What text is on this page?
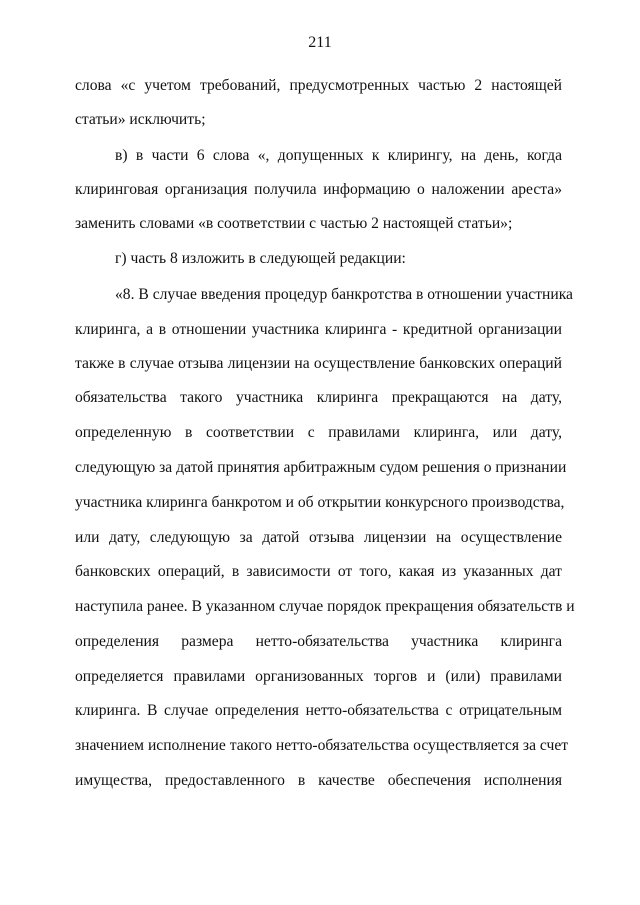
211
слова «с учетом требований, предусмотренных частью 2 настоящей
статьи» исключить;
в) в части 6 слова «, допущенных к клирингу, на день, когда
клиринговая организация получила информацию о наложении ареста»
заменить словами «в соответствии с частью 2 настоящей статьи»;
г) часть 8 изложить в следующей редакции:
«8. В случае введения процедур банкротства в отношении участника
клиринга, а в отношении участника клиринга - кредитной организации
также в случае отзыва лицензии на осуществление банковских операций
обязательства такого участника клиринга прекращаются на дату,
определенную в соответствии с правилами клиринга, или дату,
следующую за датой принятия арбитражным судом решения о признании
участника клиринга банкротом и об открытии конкурсного производства,
или дату, следующую за датой отзыва лицензии на осуществление
банковских операций, в зависимости от того, какая из указанных дат
наступила ранее. В указанном случае порядок прекращения обязательств и
определения размера нетто-обязательства участника клиринга
определяется правилами организованных торгов и (или) правилами
клиринга. В случае определения нетто-обязательства с отрицательным
значением исполнение такого нетто-обязательства осуществляется за счет
имущества, предоставленного в качестве обеспечения исполнения
